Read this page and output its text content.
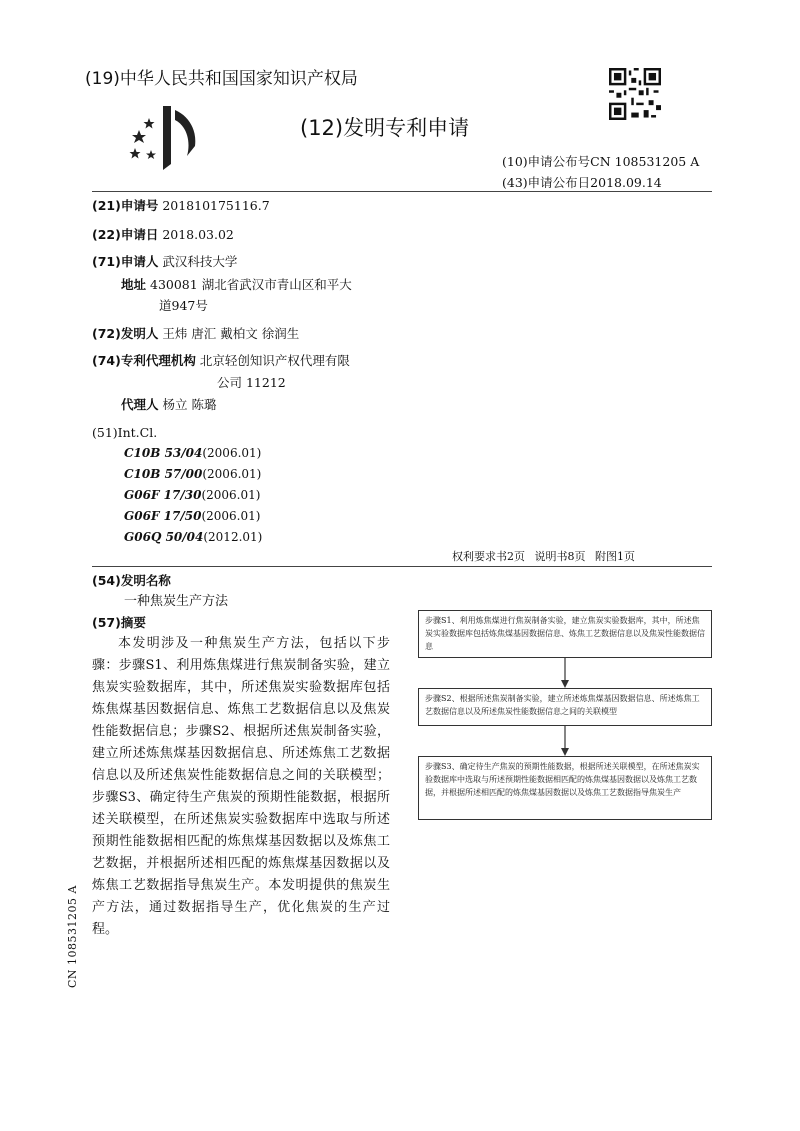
(19)中华人民共和国国家知识产权局
(12)发明专利申请
(10)申请公布号CN 108531205 A
(43)申请公布日2018.09.14
(21)申请号 201810175116.7
(22)申请日 2018.03.02
(71)申请人 武汉科技大学
地址 430081 湖北省武汉市青山区和平大
道947号
(72)发明人 王炜 唐汇 戴柏文 徐润生
(74)专利代理机构 北京轻创知识产权代理有限
公司 11212
代理人 杨立 陈璐
(51)Int.Cl.
C10B 53/04(2006.01)
C10B 57/00(2006.01)
G06F 17/30(2006.01)
G06F 17/50(2006.01)
G06Q 50/04(2012.01)
权利要求书2页 说明书8页 附图1页
(54)发明名称
一种焦炭生产方法
(57)摘要
本发明涉及一种焦炭生产方法，包括以下步骤：步骤S1、利用炼焦煤进行焦炭制备实验，建立焦炭实验数据库，其中，所述焦炭实验数据库包括炼焦煤基因数据信息、炼焦工艺数据信息以及焦炭性能数据信息；步骤S2、根据所述焦炭制备实验，建立所述炼焦煤基因数据信息、所述炼焦工艺数据信息以及所述焦炭性能数据信息之间的关联模型；步骤S3、确定待生产焦炭的预期性能数据，根据所述关联模型，在所述焦炭实验数据库中选取与所述预期性能数据相匹配的炼焦煤基因数据以及炼焦工艺数据，并根据所述相匹配的炼焦煤基因数据以及炼焦工艺数据指导焦炭生产。本发明提供的焦炭生产方法，通过数据指导生产，优化焦炭的生产过程。
步骤S1、利用炼焦煤进行焦炭制备实验，建立焦炭实验数据库，其中，所述焦炭实验数据库包括炼焦煤基因数据信息、炼焦工艺数据信息以及焦炭性能数据信息
步骤S2、根据所述焦炭制备实验，建立所述炼焦煤基因数据信息、所述炼焦工艺数据信息以及所述焦炭性能数据信息之间的关联模型
步骤S3、确定待生产焦炭的预期性能数据，根据所述关联模型，在所述焦炭实验数据库中选取与所述预期性能数据相匹配的炼焦煤基因数据以及炼焦工艺数据，并根据所述相匹配的炼焦煤基因数据以及炼焦工艺数据指导焦炭生产
CN 108531205 A
